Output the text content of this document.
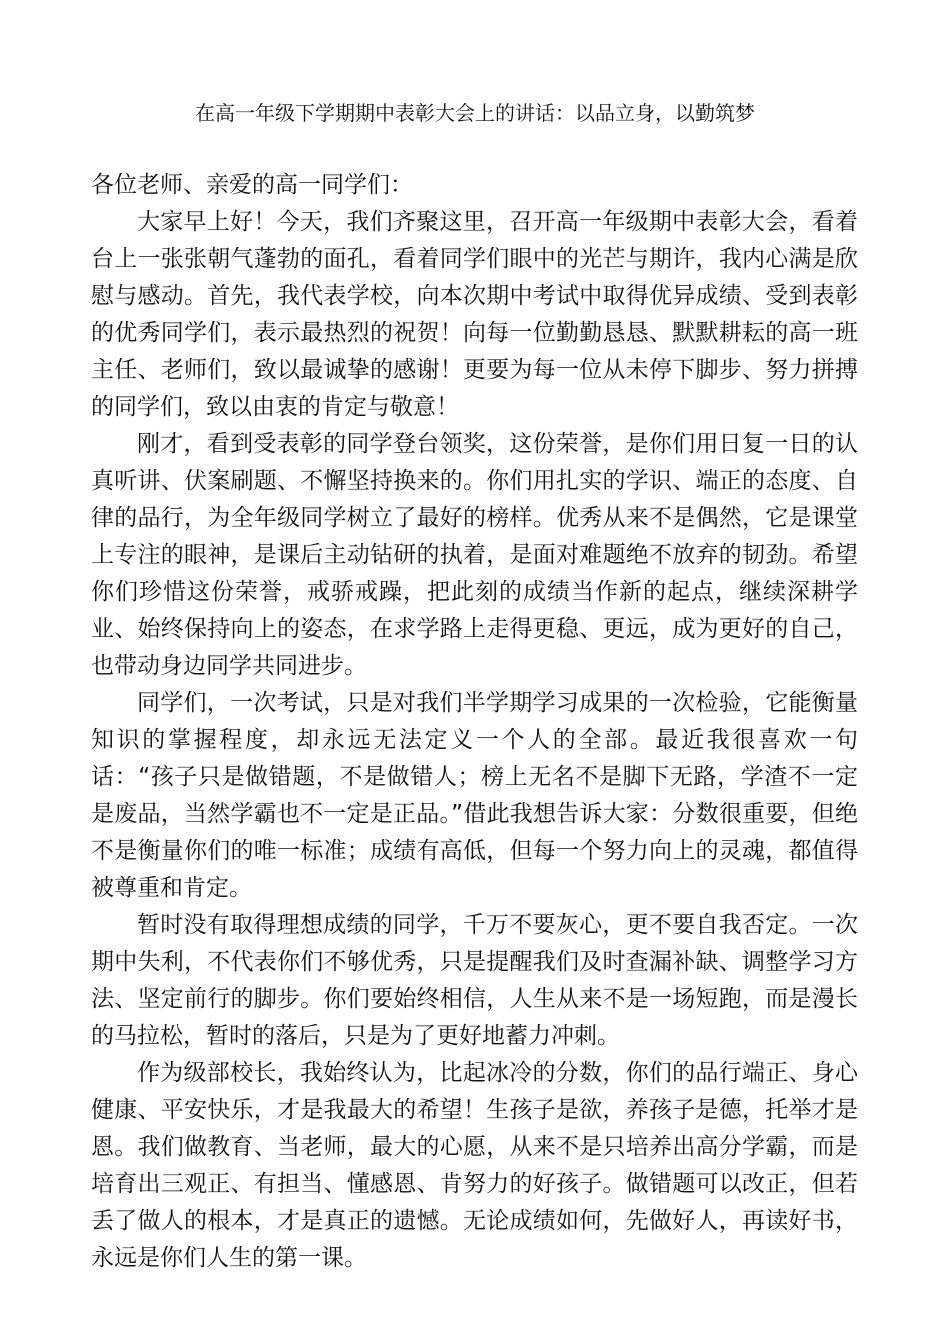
在高一年级下学期期中表彰大会上的讲话：以品立身，以勤筑梦

各位老师、亲爱的高一同学们：

大家早上好！今天，我们齐聚这里，召开高一年级期中表彰大会，看着台上一张张朝气蓬勃的面孔，看着同学们眼中的光芒与期许，我内心满是欣慰与感动。首先，我代表学校，向本次期中考试中取得优异成绩、受到表彰的优秀同学们，表示最热烈的祝贺！向每一位勤勤恳恳、默默耕耘的高一班主任、老师们，致以最诚挚的感谢！更要为每一位从未停下脚步、努力拼搏的同学们，致以由衷的肯定与敬意！

刚才，看到受表彰的同学登台领奖，这份荣誉，是你们用日复一日的认真听讲、伏案刷题、不懈坚持换来的。你们用扎实的学识、端正的态度、自律的品行，为全年级同学树立了最好的榜样。优秀从来不是偶然，它是课堂上专注的眼神，是课后主动钻研的执着，是面对难题绝不放弃的韧劲。希望你们珍惜这份荣誉，戒骄戒躁，把此刻的成绩当作新的起点，继续深耕学业、始终保持向上的姿态，在求学路上走得更稳、更远，成为更好的自己，也带动身边同学共同进步。

同学们，一次考试，只是对我们半学期学习成果的一次检验，它能衡量知识的掌握程度，却永远无法定义一个人的全部。最近我很喜欢一句话：“孩子只是做错题，不是做错人；榜上无名不是脚下无路，学渣不一定是废品，当然学霸也不一定是正品。”借此我想告诉大家：分数很重要，但绝不是衡量你们的唯一标准；成绩有高低，但每一个努力向上的灵魂，都值得被尊重和肯定。

暂时没有取得理想成绩的同学，千万不要灰心，更不要自我否定。一次期中失利，不代表你们不够优秀，只是提醒我们及时查漏补缺、调整学习方法、坚定前行的脚步。你们要始终相信，人生从来不是一场短跑，而是漫长的马拉松，暂时的落后，只是为了更好地蓄力冲刺。

作为级部校长，我始终认为，比起冰冷的分数，你们的品行端正、身心健康、平安快乐，才是我最大的希望！生孩子是欲，养孩子是德，托举才是恩。我们做教育、当老师，最大的心愿，从来不是只培养出高分学霸，而是培育出三观正、有担当、懂感恩、肯努力的好孩子。做错题可以改正，但若丢了做人的根本，才是真正的遗憾。无论成绩如何，先做好人，再读好书，永远是你们人生的第一课。
